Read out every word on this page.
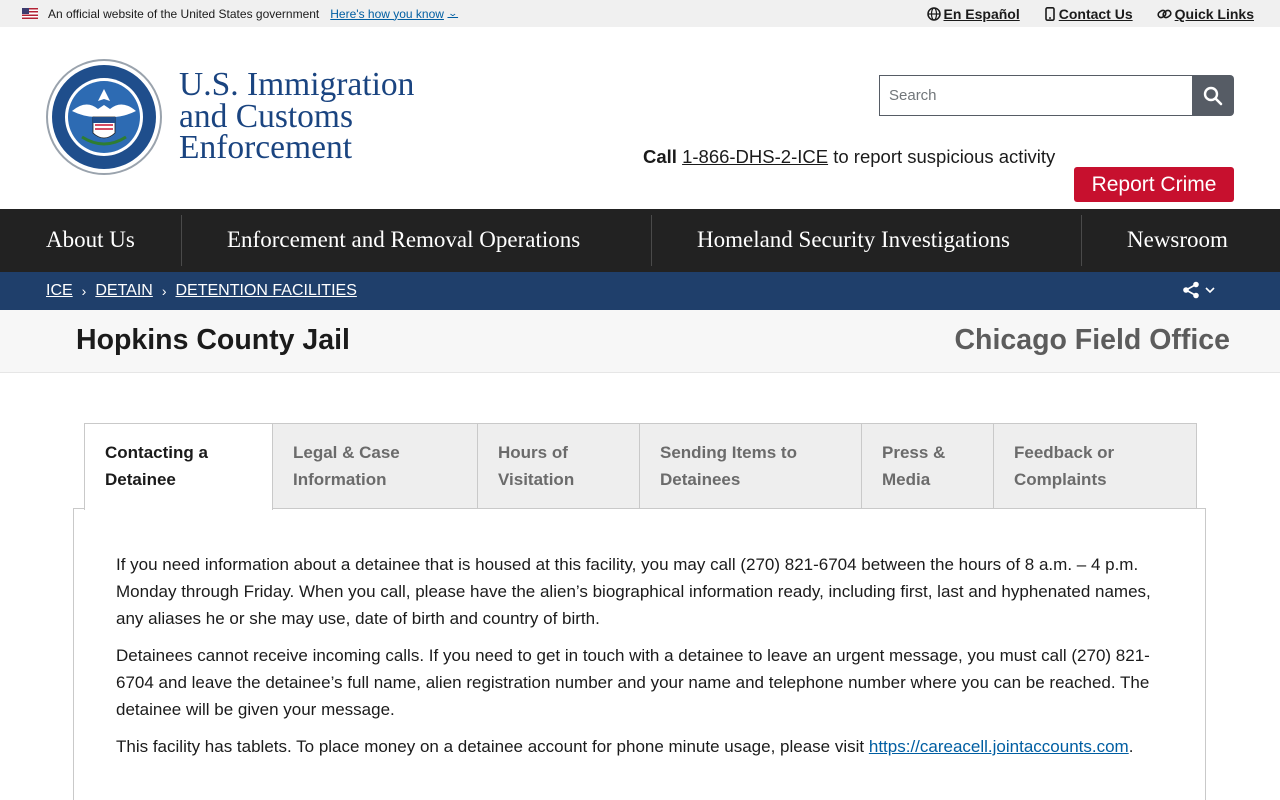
An official website of the United States government Here's how you know ⌄	En Español	Contact Us	Quick Links
U.S. Immigration
and Customs
Enforcement
Search	Call 1-866-DHS-2-ICE to report suspicious activity
Report Crime
About Us	Enforcement and Removal Operations	Homeland Security Investigations	Newsroom
ICE › DETAIN › DETENTION FACILITIES
Hopkins County Jail	Chicago Field Office
Contacting a
Detainee
Legal & Case
Information
Hours of
Visitation
Sending Items to
Detainees
Press &
Media
Feedback or
Complaints

If you need information about a detainee that is housed at this facility, you may call (270) 821-6704 between the hours of 8 a.m. – 4 p.m. Monday through Friday. When you call, please have the alien’s biographical information ready, including first, last and hyphenated names, any aliases he or she may use, date of birth and country of birth.

Detainees cannot receive incoming calls. If you need to get in touch with a detainee to leave an urgent message, you must call (270) 821-6704 and leave the detainee’s full name, alien registration number and your name and telephone number where you can be reached. The detainee will be given your message.

This facility has tablets. To place money on a detainee account for phone minute usage, please visit https://careacell.jointaccounts.com.
